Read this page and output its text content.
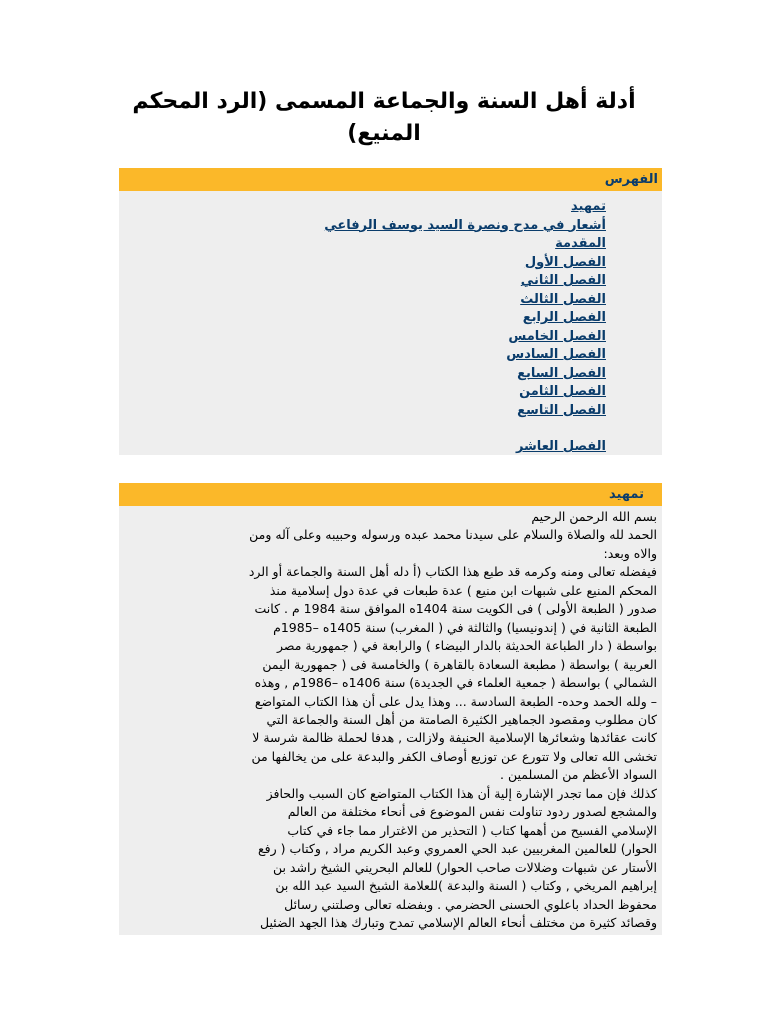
أدلة أهل السنة والجماعة المسمى (الرد المحكم المنيع)
الفهرس
تمهيد
أشعار في مدح ونصرة السيد يوسف الرفاعي
المقدمة
الفصل الأول
الفصل الثاني
الفصل الثالث
الفصل الرابع
الفصل الخامس
الفصل السادس
الفصل السابع
الفصل الثامن
الفصل التاسع
الفصل العاشر
تمهيد

بسم الله الرحمن الرحيم
الحمد لله والصلاة والسلام على سيدنا محمد عبده ورسوله وحبيبه وعلى آله ومن
والاه وبعد:
فيفضله تعالى ومنه وكرمه قد طبع هذا الكتاب (أ دله أهل السنة والجماعة أو الرد
المحكم المنيع على شبهات ابن منيع ) عدة طبعات في عدة دول إسلامية منذ
صدور ( الطبعة الأولى ) فى الكويت سنة 1404ه الموافق سنة 1984 م . كانت
الطبعة الثانية في ( إندونيسيا) والثالثة في ( المغرب) سنة 1405ه –1985م
بواسطة ( دار الطباعة الحديثة بالدار البيضاء ) والرابعة في ( جمهورية مصر
العربية ) بواسطة ( مطبعة السعادة بالقاهرة ) والخامسة فى ( جمهورية اليمن
الشمالي ) بواسطة ( جمعية العلماء في الجديدة) سنة 1406ه –1986م , وهذه
– ولله الحمد وحده- الطبعة السادسة ... وهذا يدل على أن هذا الكتاب المتواضع
كان مطلوب ومقصود الجماهير الكثيرة الصامتة من أهل السنة والجماعة التي
كانت عقائدها وشعائرها الإسلامية الحنيفة ولازالت , هدفا لحملة ظالمة شرسة لا
تخشى الله تعالى ولا تتورع عن توزيع أوصاف الكفر والبدعة على من يخالفها من
السواد الأعظم من المسلمين .
كذلك فإن مما تجدر الإشارة إلية أن هذا الكتاب المتواضع كان السبب والحافز
والمشجع لصدور ردود تناولت نفس الموضوع فى أنحاء مختلفة من العالم
الإسلامي الفسيح من أهمها كتاب ( التحذير من الاغترار مما جاء في كتاب
الحوار) للعالمين المغربيين عبد الحي العمروي وعبد الكريم مراد , وكتاب ( رفع
الأستار عن شبهات وضلالات صاحب الحوار) للعالم البحريني الشيخ راشد بن
إبراهيم المريخي , وكتاب ( السنة والبدعة )للعلامة الشيخ السيد عبد الله بن
محفوظ الحداد باعلوي الحسنى الحضرمي . وبفضله تعالى وصلتني رسائل
وقصائد كثيرة من مختلف أنحاء العالم الإسلامي تمدح وتبارك هذا الجهد الضئيل
